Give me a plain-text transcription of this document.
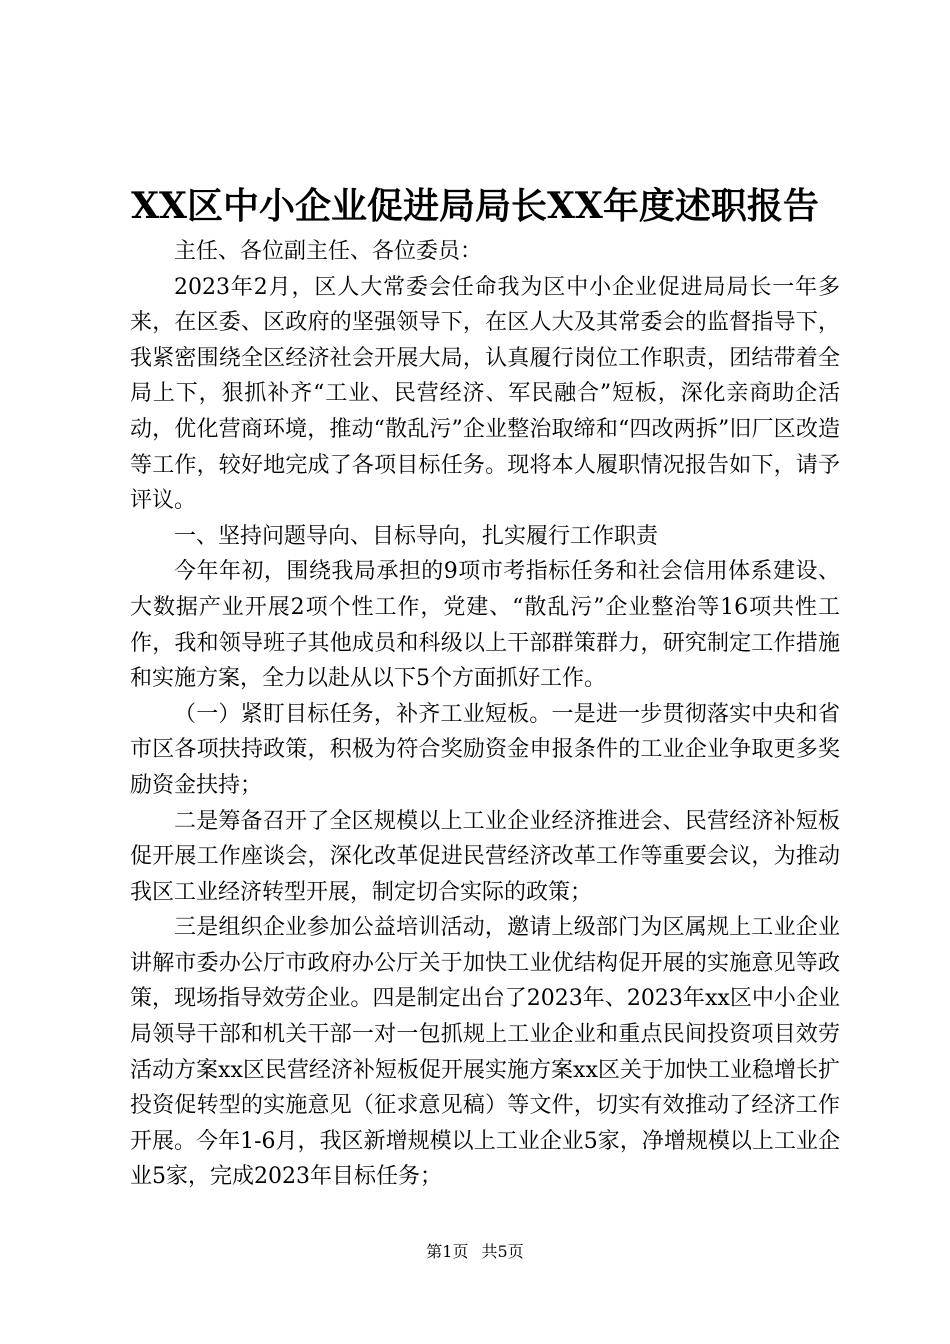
XX区中小企业促进局局长XX年度述职报告

主任、各位副主任、各位委员：

2023年2月，区人大常委会任命我为区中小企业促进局局长一年多来，在区委、区政府的坚强领导下，在区人大及其常委会的监督指导下，我紧密围绕全区经济社会开展大局，认真履行岗位工作职责，团结带着全局上下，狠抓补齐“工业、民营经济、军民融合”短板，深化亲商助企活动，优化营商环境，推动“散乱污”企业整治取缔和“四改两拆”旧厂区改造等工作，较好地完成了各项目标任务。现将本人履职情况报告如下，请予评议。

一、坚持问题导向、目标导向，扎实履行工作职责

今年年初，围绕我局承担的9项市考指标任务和社会信用体系建设、大数据产业开展2项个性工作，党建、“散乱污”企业整治等16项共性工作，我和领导班子其他成员和科级以上干部群策群力，研究制定工作措施和实施方案，全力以赴从以下5个方面抓好工作。

（一）紧盯目标任务，补齐工业短板。一是进一步贯彻落实中央和省市区各项扶持政策，积极为符合奖励资金申报条件的工业企业争取更多奖励资金扶持；

二是筹备召开了全区规模以上工业企业经济推进会、民营经济补短板促开展工作座谈会，深化改革促进民营经济改革工作等重要会议，为推动我区工业经济转型开展，制定切合实际的政策；

三是组织企业参加公益培训活动，邀请上级部门为区属规上工业企业讲解市委办公厅市政府办公厅关于加快工业优结构促开展的实施意见等政策，现场指导效劳企业。四是制定出台了2023年、2023年xx区中小企业局领导干部和机关干部一对一包抓规上工业企业和重点民间投资项目效劳活动方案xx区民营经济补短板促开展实施方案xx区关于加快工业稳增长扩投资促转型的实施意见（征求意见稿）等文件，切实有效推动了经济工作开展。今年1-6月，我区新增规模以上工业企业5家，净增规模以上工业企业5家，完成2023年目标任务；

第1页 共5页
